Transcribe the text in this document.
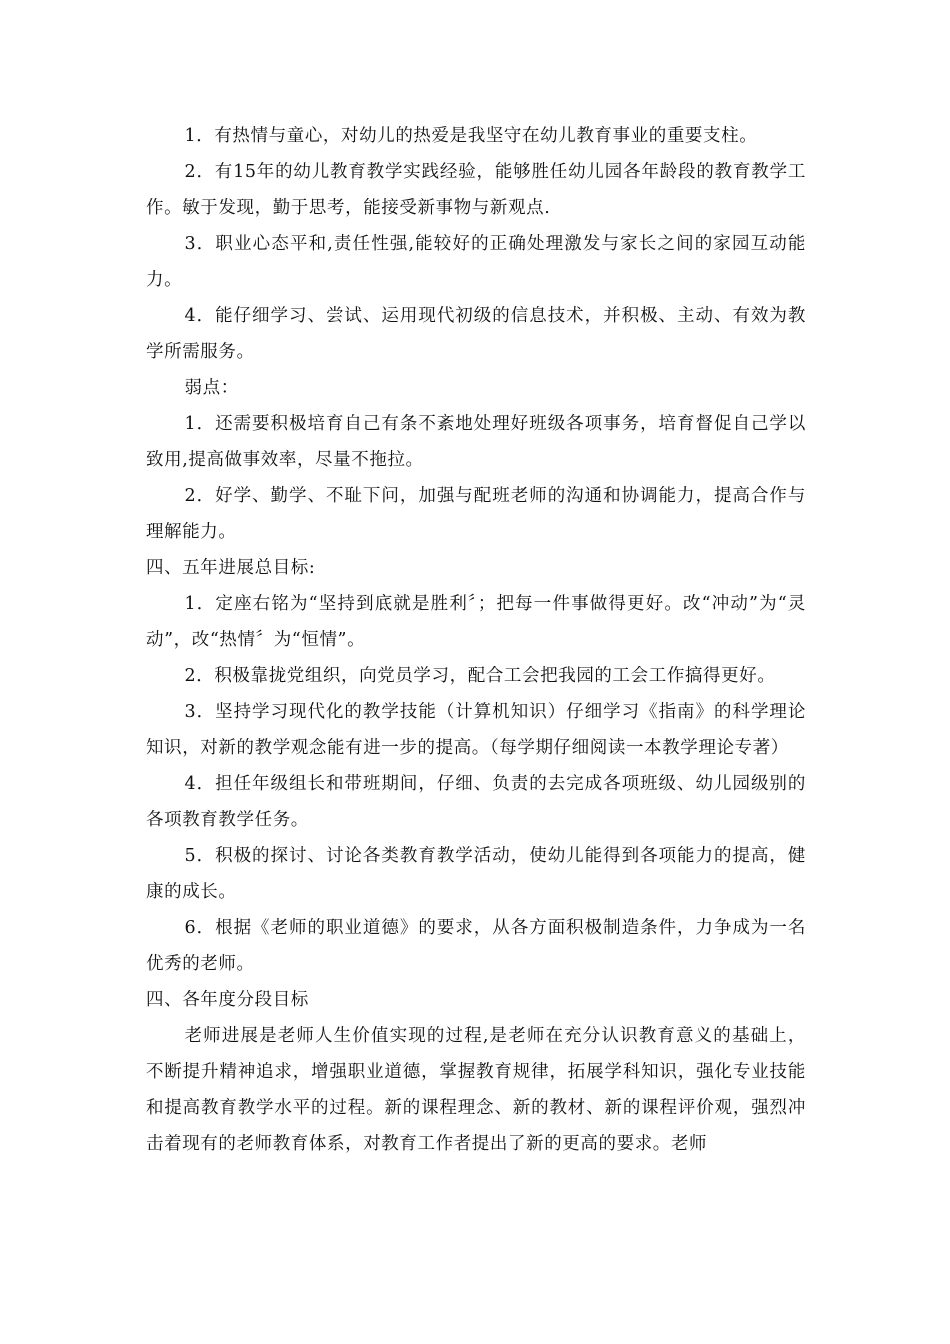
1．有热情与童心，对幼儿的热爱是我坚守在幼儿教育事业的重要支柱。

2．有15年的幼儿教育教学实践经验，能够胜任幼儿园各年龄段的教育教学工作。敏于发现，勤于思考，能接受新事物与新观点.

3．职业心态平和,责任性强,能较好的正确处理激发与家长之间的家园互动能力。

4．能仔细学习、尝试、运用现代初级的信息技术，并积极、主动、有效为教学所需服务。

弱点：

1．还需要积极培育自己有条不紊地处理好班级各项事务，培育督促自己学以致用,提高做事效率，尽量不拖拉。

2．好学、勤学、不耻下问，加强与配班老师的沟通和协调能力，提高合作与理解能力。

四、五年进展总目标:

1．定座右铭为“坚持到底就是胜利〞；把每一件事做得更好。改“冲动”为“灵动”，改“热情〞为“恒情”。

2．积极靠拢党组织，向党员学习，配合工会把我园的工会工作搞得更好。

3．坚持学习现代化的教学技能（计算机知识）仔细学习《指南》的科学理论知识，对新的教学观念能有进一步的提高。（每学期仔细阅读一本教学理论专著）

4．担任年级组长和带班期间，仔细、负责的去完成各项班级、幼儿园级别的各项教育教学任务。

5．积极的探讨、讨论各类教育教学活动，使幼儿能得到各项能力的提高，健康的成长。

6．根据《老师的职业道德》的要求，从各方面积极制造条件，力争成为一名优秀的老师。

四、各年度分段目标

老师进展是老师人生价值实现的过程,是老师在充分认识教育意义的基础上，不断提升精神追求，增强职业道德，掌握教育规律，拓展学科知识，强化专业技能和提高教育教学水平的过程。新的课程理念、新的教材、新的课程评价观，强烈冲击着现有的老师教育体系，对教育工作者提出了新的更高的要求。老师
